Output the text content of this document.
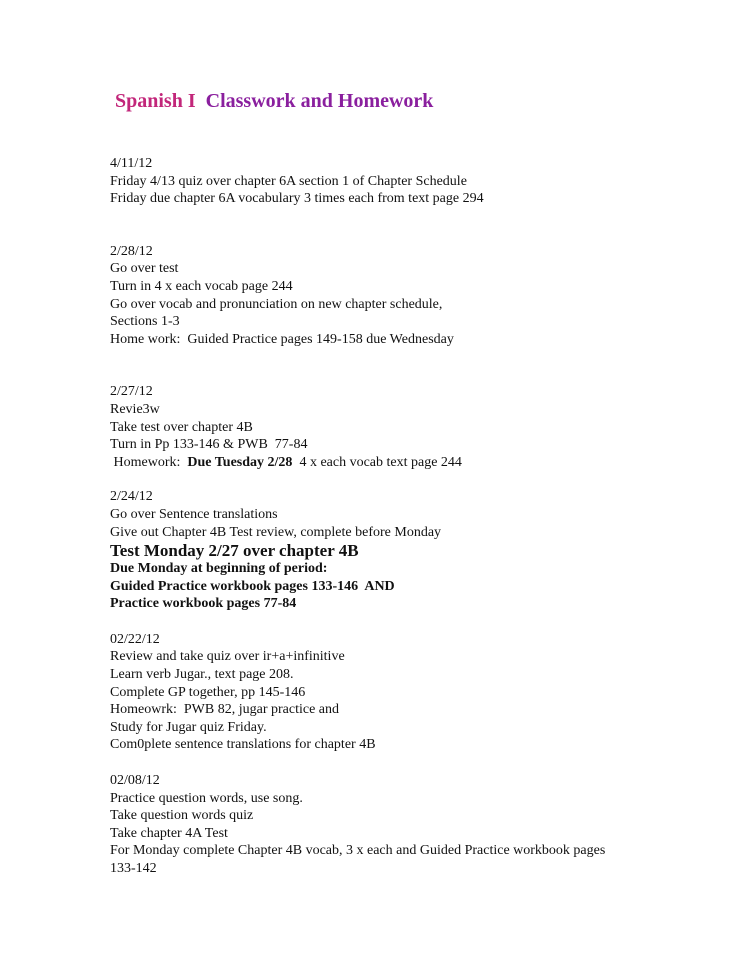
Spanish I  Classwork and Homework

4/11/12

Friday 4/13 quiz over chapter 6A section 1 of Chapter Schedule

Friday due chapter 6A vocabulary 3 times each from text page 294

2/28/12

Go over test

Turn in 4 x each vocab page 244

Go over vocab and pronunciation on new chapter schedule,

Sections 1-3

Home work:  Guided Practice pages 149-158 due Wednesday

2/27/12

Revie3w

Take test over chapter 4B

Turn in Pp 133-146 & PWB  77-84

Homework:  Due Tuesday 2/28  4 x each vocab text page 244

2/24/12

Go over Sentence translations

Give out Chapter 4B Test review, complete before Monday

Test Monday 2/27 over chapter 4B

Due Monday at beginning of period:

Guided Practice workbook pages 133-146  AND

Practice workbook pages 77-84

02/22/12

Review and take quiz over ir+a+infinitive

Learn verb Jugar., text page 208.

Complete GP together, pp 145-146

Homeowrk:  PWB 82, jugar practice and

Study for Jugar quiz Friday.

Com0plete sentence translations for chapter 4B

02/08/12

Practice question words, use song.

Take question words quiz

Take chapter 4A Test

For Monday complete Chapter 4B vocab, 3 x each and Guided Practice workbook pages

133-142
